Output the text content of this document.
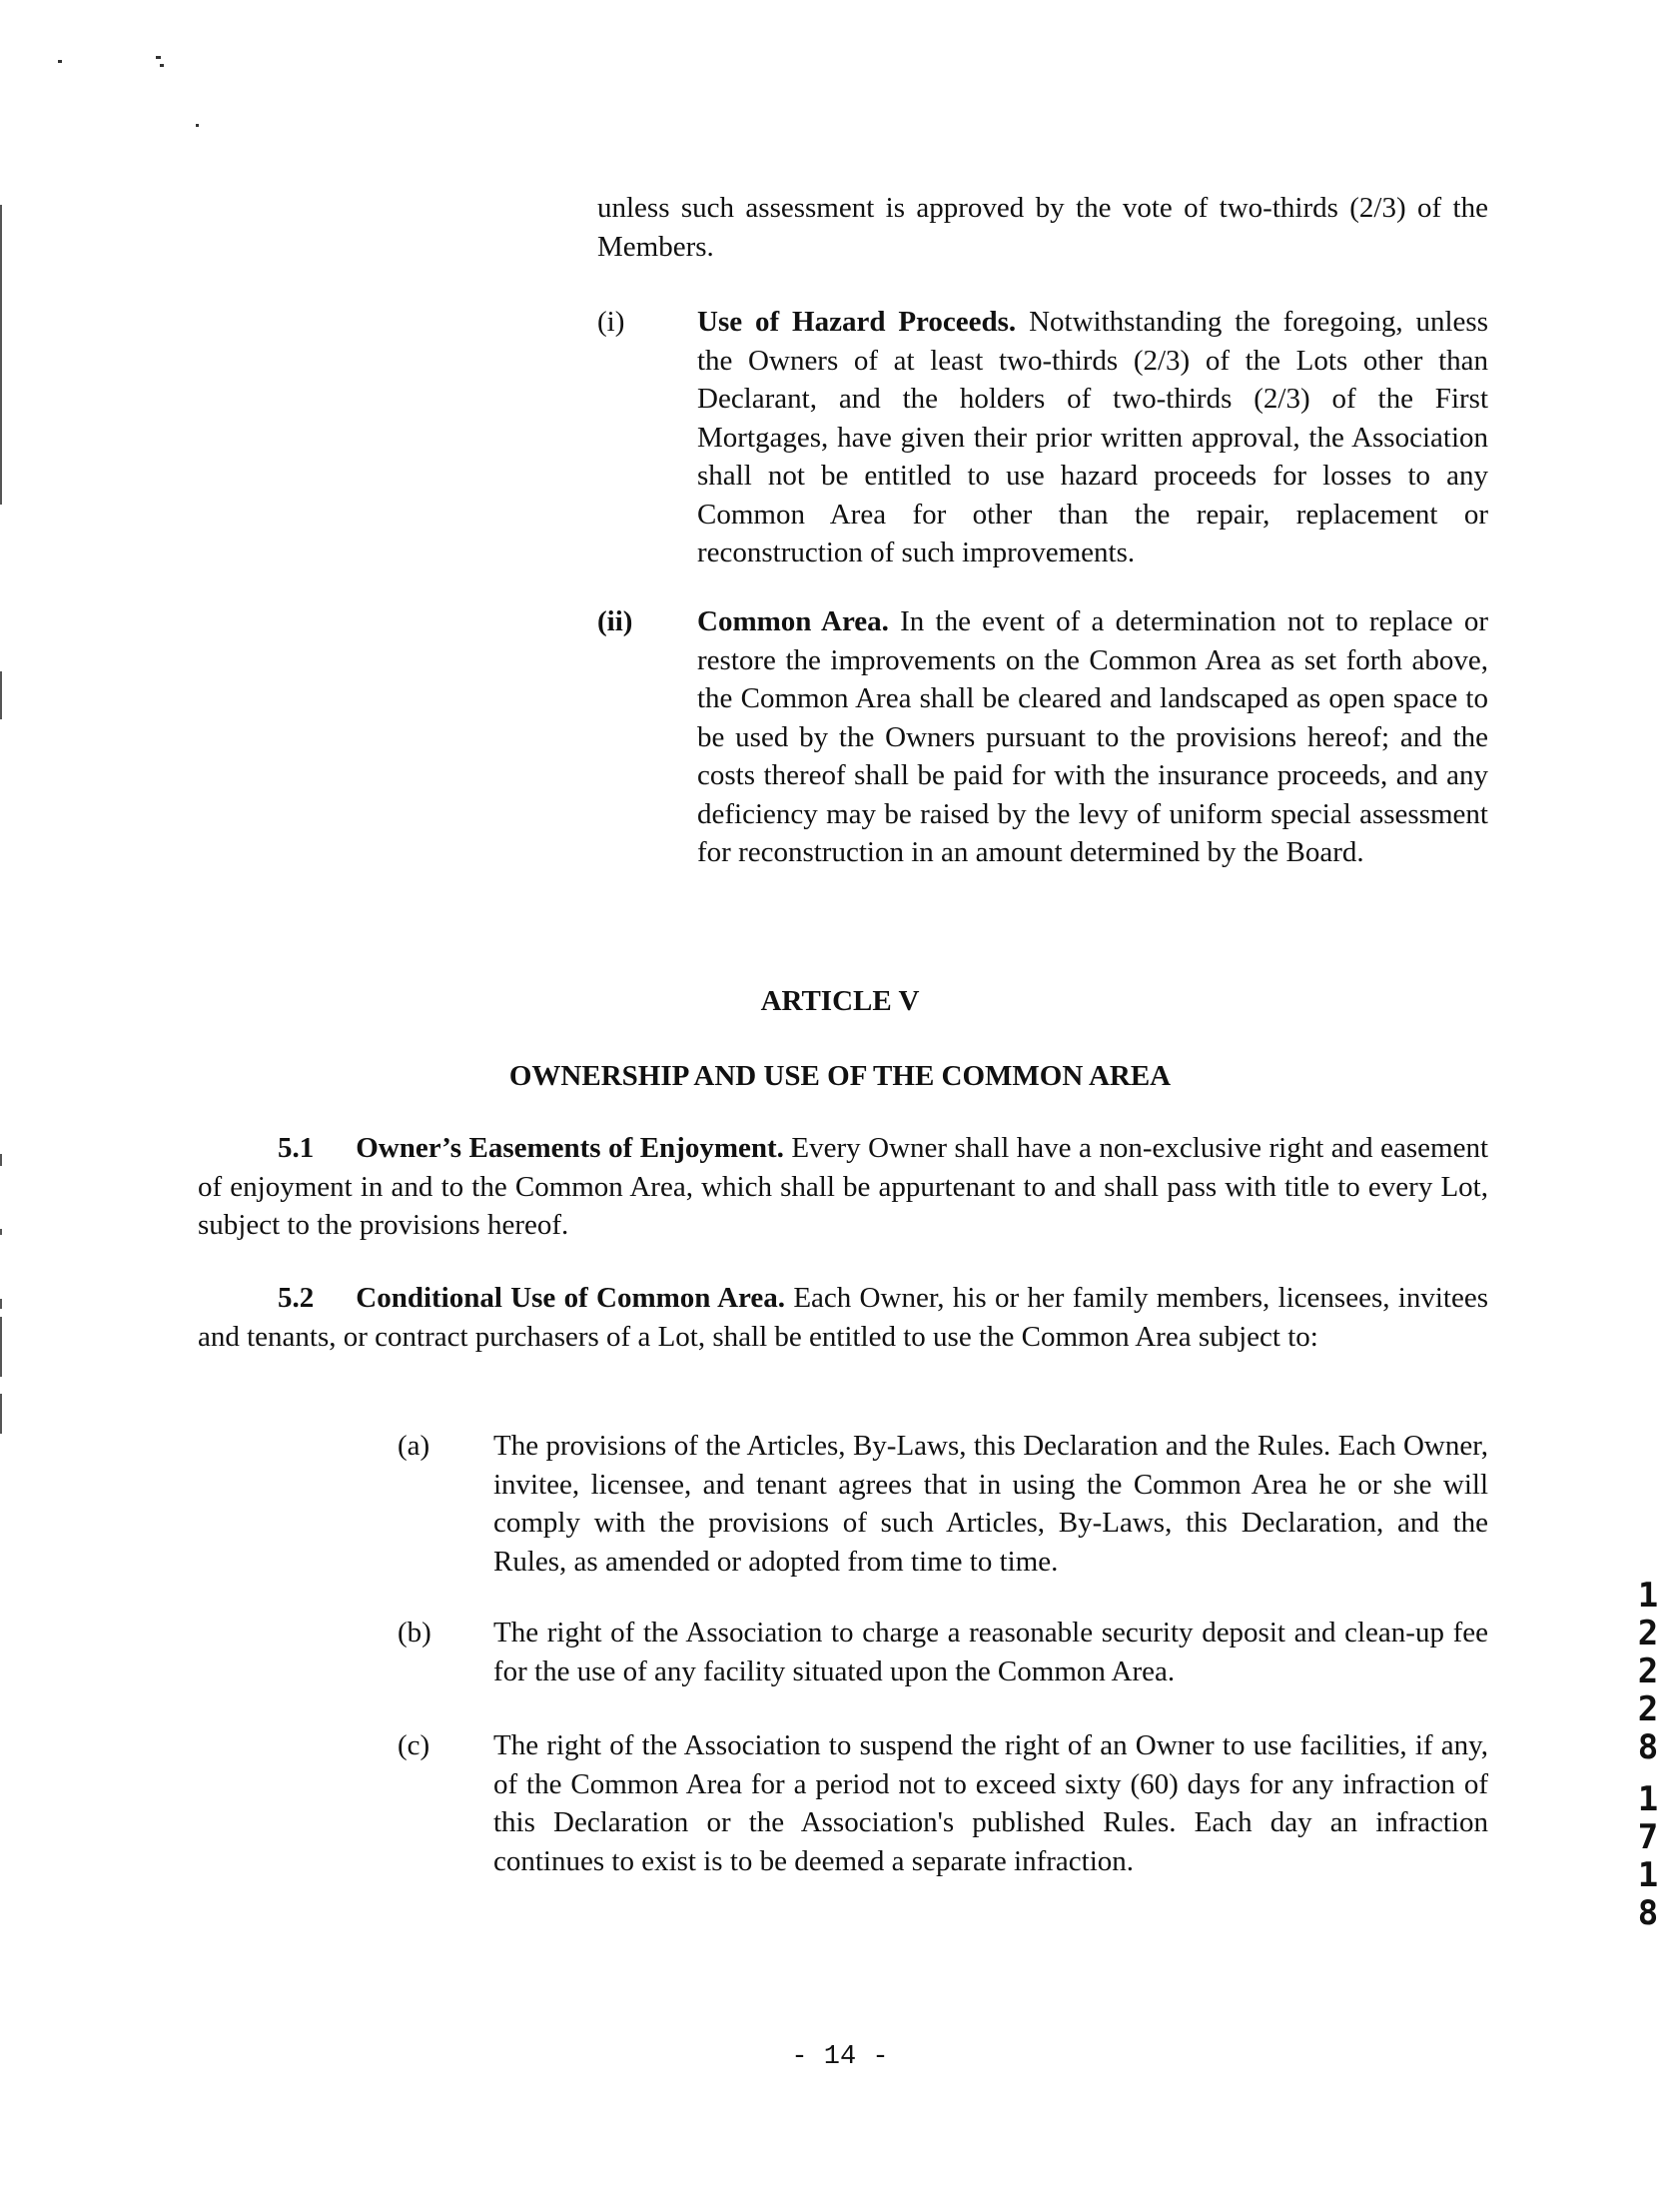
unless such assessment is approved by the vote of two-thirds (2/3) of the Members.
(i)	Use of Hazard Proceeds. Notwithstanding the foregoing, unless the Owners of at least two-thirds (2/3) of the Lots other than Declarant, and the holders of two-thirds (2/3) of the First Mortgages, have given their prior written approval, the Association shall not be entitled to use hazard proceeds for losses to any Common Area for other than the repair, replacement or reconstruction of such improvements.
(ii) Common Area. In the event of a determination not to replace or restore the improvements on the Common Area as set forth above, the Common Area shall be cleared and landscaped as open space to be used by the Owners pursuant to the provisions hereof; and the costs thereof shall be paid for with the insurance proceeds, and any deficiency may be raised by the levy of uniform special assessment for reconstruction in an amount determined by the Board.
ARTICLE V
OWNERSHIP AND USE OF THE COMMON AREA
5.1 Owner’s Easements of Enjoyment. Every Owner shall have a non-exclusive right and easement of enjoyment in and to the Common Area, which shall be appurtenant to and shall pass with title to every Lot, subject to the provisions hereof.
5.2 Conditional Use of Common Area. Each Owner, his or her family members, licensees, invitees and tenants, or contract purchasers of a Lot, shall be entitled to use the Common Area subject to:
(a) The provisions of the Articles, By-Laws, this Declaration and the Rules. Each Owner, invitee, licensee, and tenant agrees that in using the Common Area he or she will comply with the provisions of such Articles, By-Laws, this Declaration, and the Rules, as amended or adopted from time to time.
(b) The right of the Association to charge a reasonable security deposit and clean-up fee for the use of any facility situated upon the Common Area.
(c) The right of the Association to suspend the right of an Owner to use facilities, if any, of the Common Area for a period not to exceed sixty (60) days for any infraction of this Declaration or the Association's published Rules. Each day an infraction continues to exist is to be deemed a separate infraction.
1
2
2
2
8
1
7
1
8
- 14 -
